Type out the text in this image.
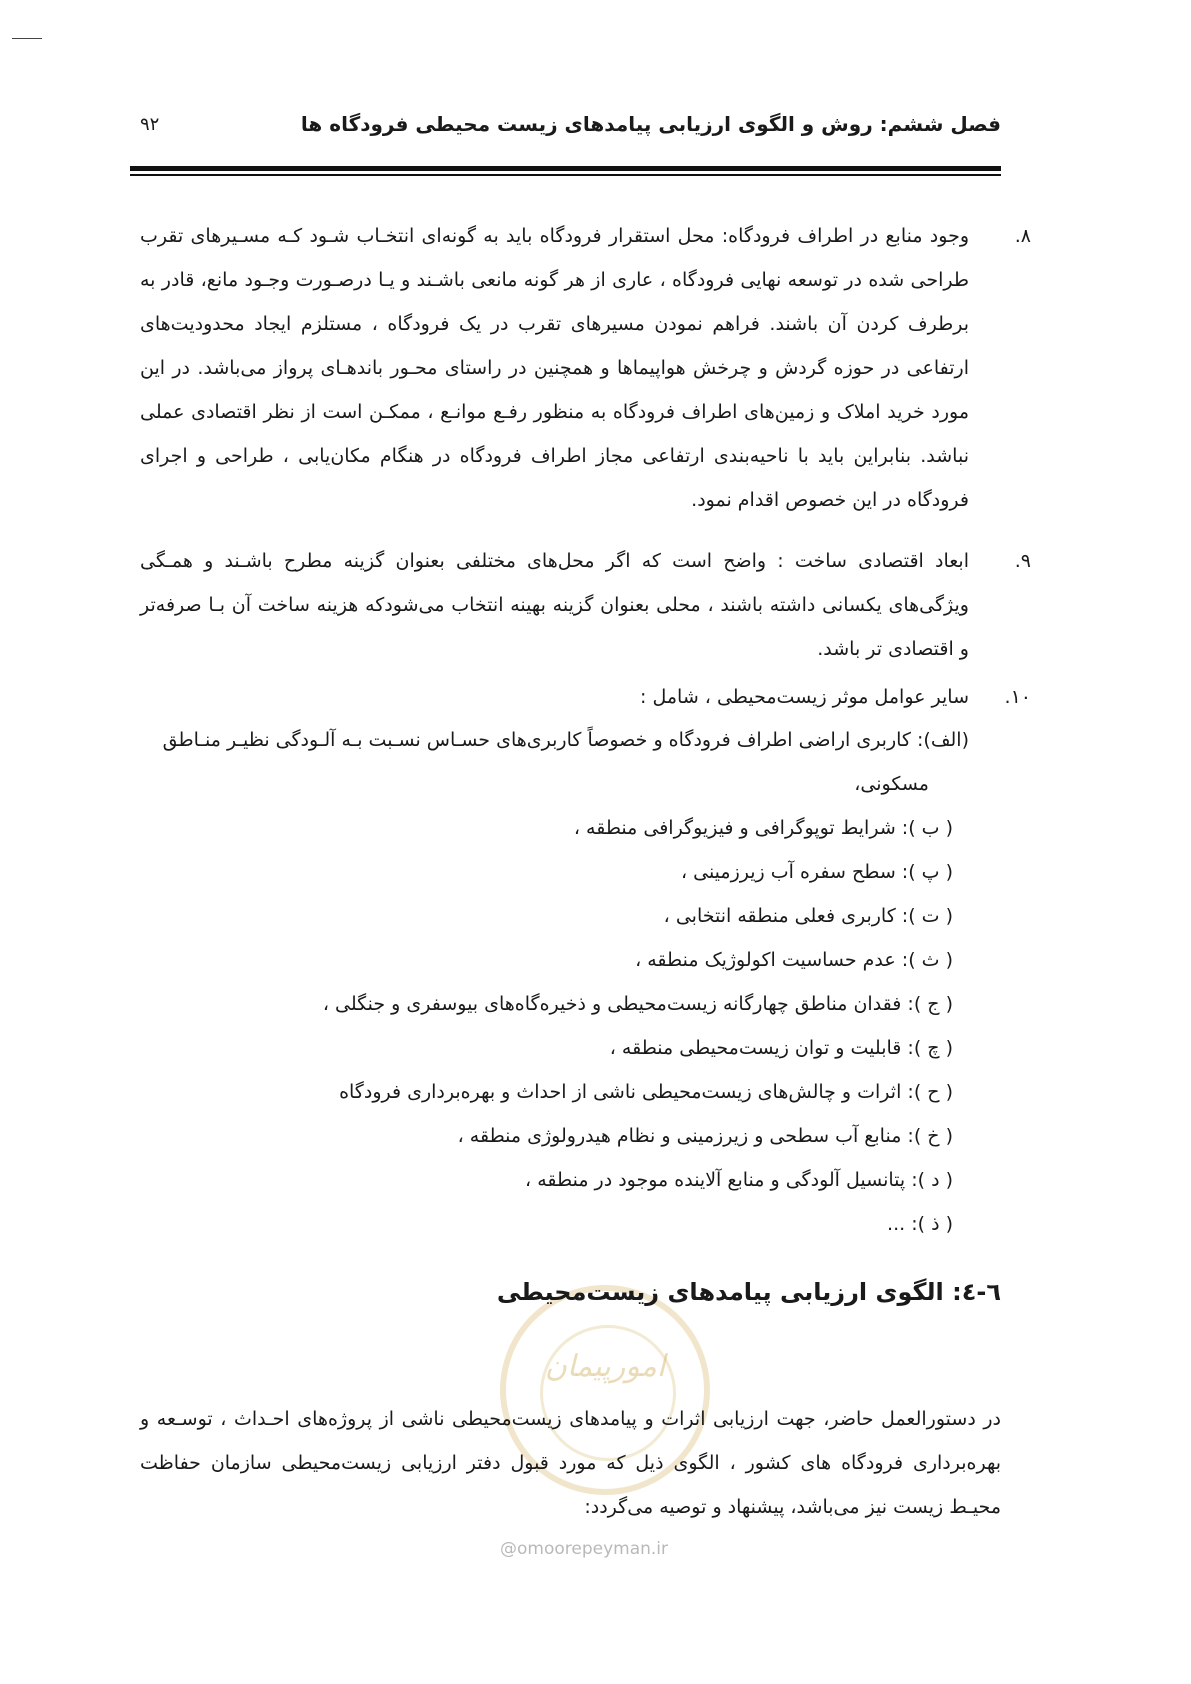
فصل ششم: روش و الگوی ارزیابی پیامدهای زیست محیطی فرودگاه ها
۹۲
۸.
وجود منابع در اطراف فرودگاه: محل استقرار فرودگاه باید به گونه‌ای انتخـاب شـود کـه مسـیرهای تقرب طراحی شده در توسعه نهایی فرودگاه ، عاری از هر گونه مانعی باشـند و یـا درصـورت وجـود مانع، قادر به برطرف کردن آن باشند. فراهم نمودن مسیرهای تقرب در یک فرودگاه ، مستلزم ایجاد محدودیت‌های ارتفاعی در حوزه گردش و چرخش هواپیماها و همچنین در راستای محـور باندهـای پرواز می‌باشد. در این مورد خرید املاک و زمین‌های اطراف فرودگاه به منظور رفـع موانـع ، ممکـن است از نظر اقتصادی عملی نباشد. بنابراین باید با ناحیه‌بندی ارتفاعی مجاز اطراف فرودگاه در هنگام مکان‌یابی ، طراحی و اجرای فرودگاه در این خصوص اقدام نمود.
۹.
ابعاد اقتصادی ساخت : واضح است که اگر محل‌های مختلفی بعنوان گزینه مطرح باشـند و همـگی ویژگی‌های یکسانی داشته باشند ، محلی بعنوان گزینه بهینه انتخاب می‌شودکه هزینه ساخت آن بـا صرفه‌تر و اقتصادی تر باشد.
۱۰.
سایر عوامل موثر زیست‌محیطی ، شامل :
(الف): کاربری اراضی اطراف فرودگاه و خصوصاً کاربری‌های حسـاس نسـبت بـه آلـودگی نظیـر منـاطق
مسکونی،
( ب ): شرایط توپوگرافی و فیزیوگرافی منطقه ،
( پ ): سطح سفره آب زیرزمینی ،
( ت ): کاربری فعلی منطقه انتخابی ،
( ث ): عدم حساسیت اکولوژیک منطقه ،
( ج ): فقدان مناطق چهارگانه زیست‌محیطی و ذخیره‌گاه‌های بیوسفری و جنگلی ،
( چ ): قابلیت و توان زیست‌محیطی منطقه ،
( ح ): اثرات و چالش‌های زیست‌محیطی ناشی از احداث و بهره‌برداری فرودگاه
( خ ): منابع آب سطحی و زیرزمینی و نظام هیدرولوژی منطقه ،
( د ): پتانسیل آلودگی و منابع آلاینده موجود در منطقه ،
( ذ ): ...
امورپیمان
٦-٤: الگوی ارزیابی پیامدهای زیست‌محیطی
در دستورالعمل حاضر، جهت ارزیابی اثرات و پیامدهای زیست‌محیطی ناشی از پروژه‌های احـداث ، توسـعه و بهره‌برداری فرودگاه های کشور ، الگوی ذیل که مورد قبول دفتر ارزیابی زیست‌محیطی سازمان حفاظت محیـط زیست نیز می‌باشد، پیشنهاد و توصیه می‌گردد:
@omoorepeyman.ir
